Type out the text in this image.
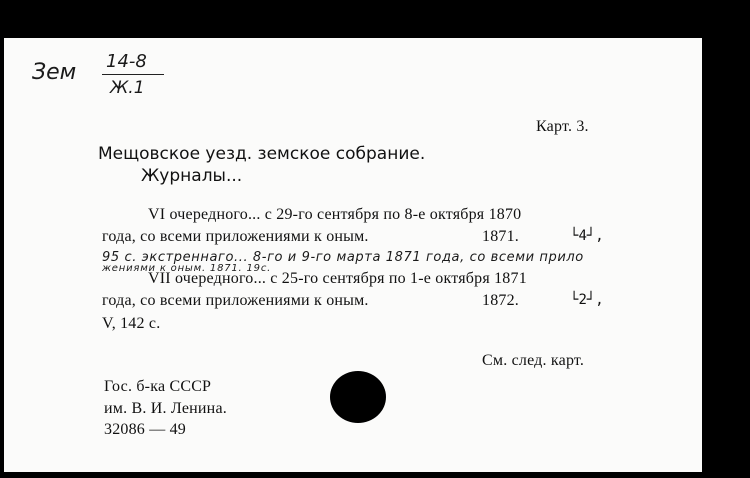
Зем 14-8
Ж.1
Карт. 3.
Мещовское уезд. земское собрание.
Журналы...
VI очередного... с 29-го сентября по 8-е октября 1870
года, со всеми приложениями к оным.	1871.	└4┘,
95 с. экстреннаго... 8-го и 9-го марта 1871 года, со всеми прило
жениями к оным. 1871. 19с.
VII очередного... с 25-го сентября по 1-е октября 1871
года, со всеми приложениями к оным.	1872.	└2┘,
V, 142 с.
См. след. карт.
Гос. б-ка СССР
им. В. И. Ленина.
32086 — 49
